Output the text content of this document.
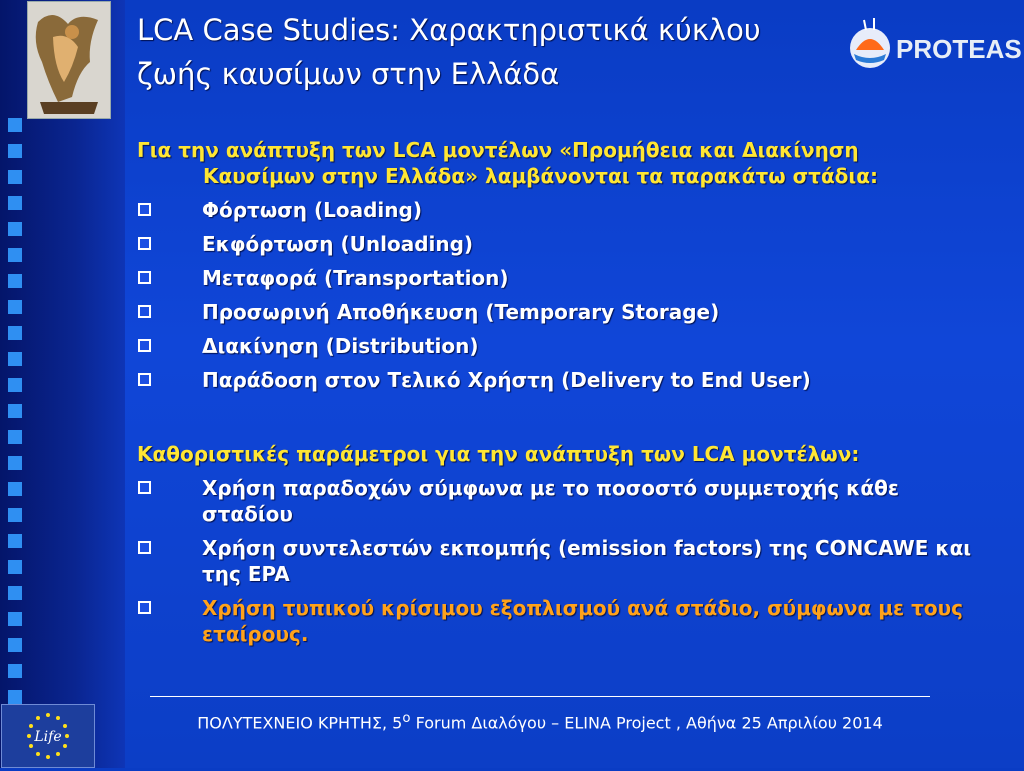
PROTEAS
LCA Case Studies: Χαρακτηριστικά κύκλου
ζωής καυσίμων στην Ελλάδα
Για την ανάπτυξη των LCA μοντέλων «Προμήθεια και Διακίνηση
Καυσίμων στην Ελλάδα» λαμβάνονται τα παρακάτω στάδια:
Φόρτωση (Loading)
Εκφόρτωση (Unloading)
Μεταφορά (Transportation)
Προσωρινή Αποθήκευση (Temporary Storage)
Διακίνηση (Distribution)
Παράδοση στον Τελικό Χρήστη (Delivery to End User)
Καθοριστικές παράμετροι για την ανάπτυξη των LCA μοντέλων:
Χρήση παραδοχών σύμφωνα με το ποσοστό συμμετοχής κάθε σταδίου
Χρήση συντελεστών εκπομπής (emission factors) της CONCAWE και της EPA
Χρήση τυπικού κρίσιμου εξοπλισμού ανά στάδιο, σύμφωνα με τους εταίρους.
ΠΟΛΥΤΕΧΝΕΙΟ ΚΡΗΤΗΣ, $5^o$ Forum Διαλόγου – ELINA Project , Αθήνα 25 Απριλίου 2014
Life
